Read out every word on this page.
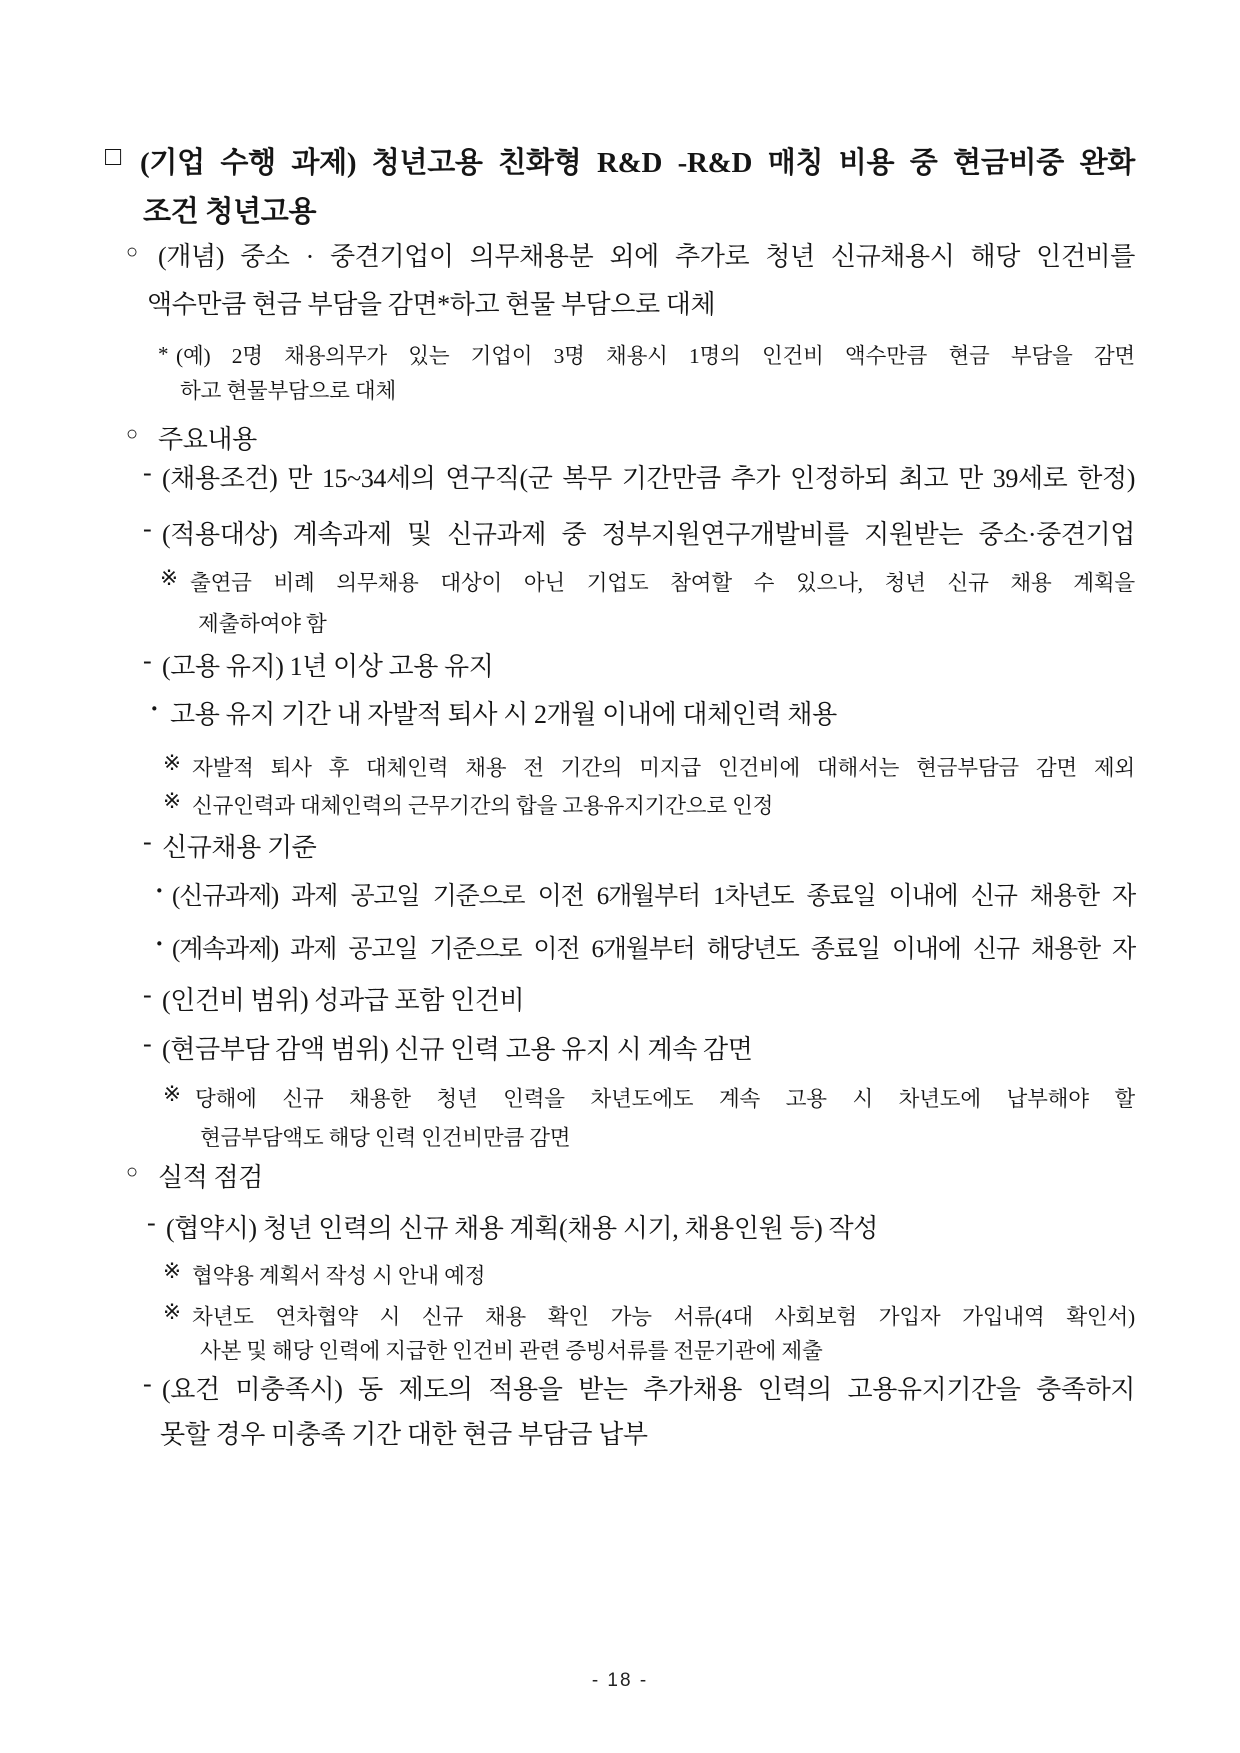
□ (기업 수행 과제) 청년고용 친화형 R&D -R&D 매칭 비용 중 현금비중 완화
조건 청년고용
○ (개념) 중소 · 중견기업이 의무채용분 외에 추가로 청년 신규채용시 해당 인건비를
액수만큼 현금 부담을 감면*하고 현물 부담으로 대체
* (예) 2명 채용의무가 있는 기업이 3명 채용시 1명의 인건비 액수만큼 현금 부담을 감면
하고 현물부담으로 대체
○ 주요내용
- (채용조건) 만 15~34세의 연구직(군 복무 기간만큼 추가 인정하되 최고 만 39세로 한정)
- (적용대상) 계속과제 및 신규과제 중 정부지원연구개발비를 지원받는 중소·중견기업
※ 출연금 비례 의무채용 대상이 아닌 기업도 참여할 수 있으나, 청년 신규 채용 계획을
제출하여야 함
- (고용 유지) 1년 이상 고용 유지
· 고용 유지 기간 내 자발적 퇴사 시 2개월 이내에 대체인력 채용
※ 자발적 퇴사 후 대체인력 채용 전 기간의 미지급 인건비에 대해서는 현금부담금 감면 제외
※ 신규인력과 대체인력의 근무기간의 합을 고용유지기간으로 인정
- 신규채용 기준
· (신규과제) 과제 공고일 기준으로 이전 6개월부터 1차년도 종료일 이내에 신규 채용한 자
· (계속과제) 과제 공고일 기준으로 이전 6개월부터 해당년도 종료일 이내에 신규 채용한 자
- (인건비 범위) 성과급 포함 인건비
- (현금부담 감액 범위) 신규 인력 고용 유지 시 계속 감면
※ 당해에 신규 채용한 청년 인력을 차년도에도 계속 고용 시 차년도에 납부해야 할
현금부담액도 해당 인력 인건비만큼 감면
○ 실적 점검
- (협약시) 청년 인력의 신규 채용 계획(채용 시기, 채용인원 등) 작성
※ 협약용 계획서 작성 시 안내 예정
※ 차년도 연차협약 시 신규 채용 확인 가능 서류(4대 사회보험 가입자 가입내역 확인서)
사본 및 해당 인력에 지급한 인건비 관련 증빙서류를 전문기관에 제출
- (요건 미충족시) 동 제도의 적용을 받는 추가채용 인력의 고용유지기간을 충족하지
못할 경우 미충족 기간 대한 현금 부담금 납부
- 18 -
